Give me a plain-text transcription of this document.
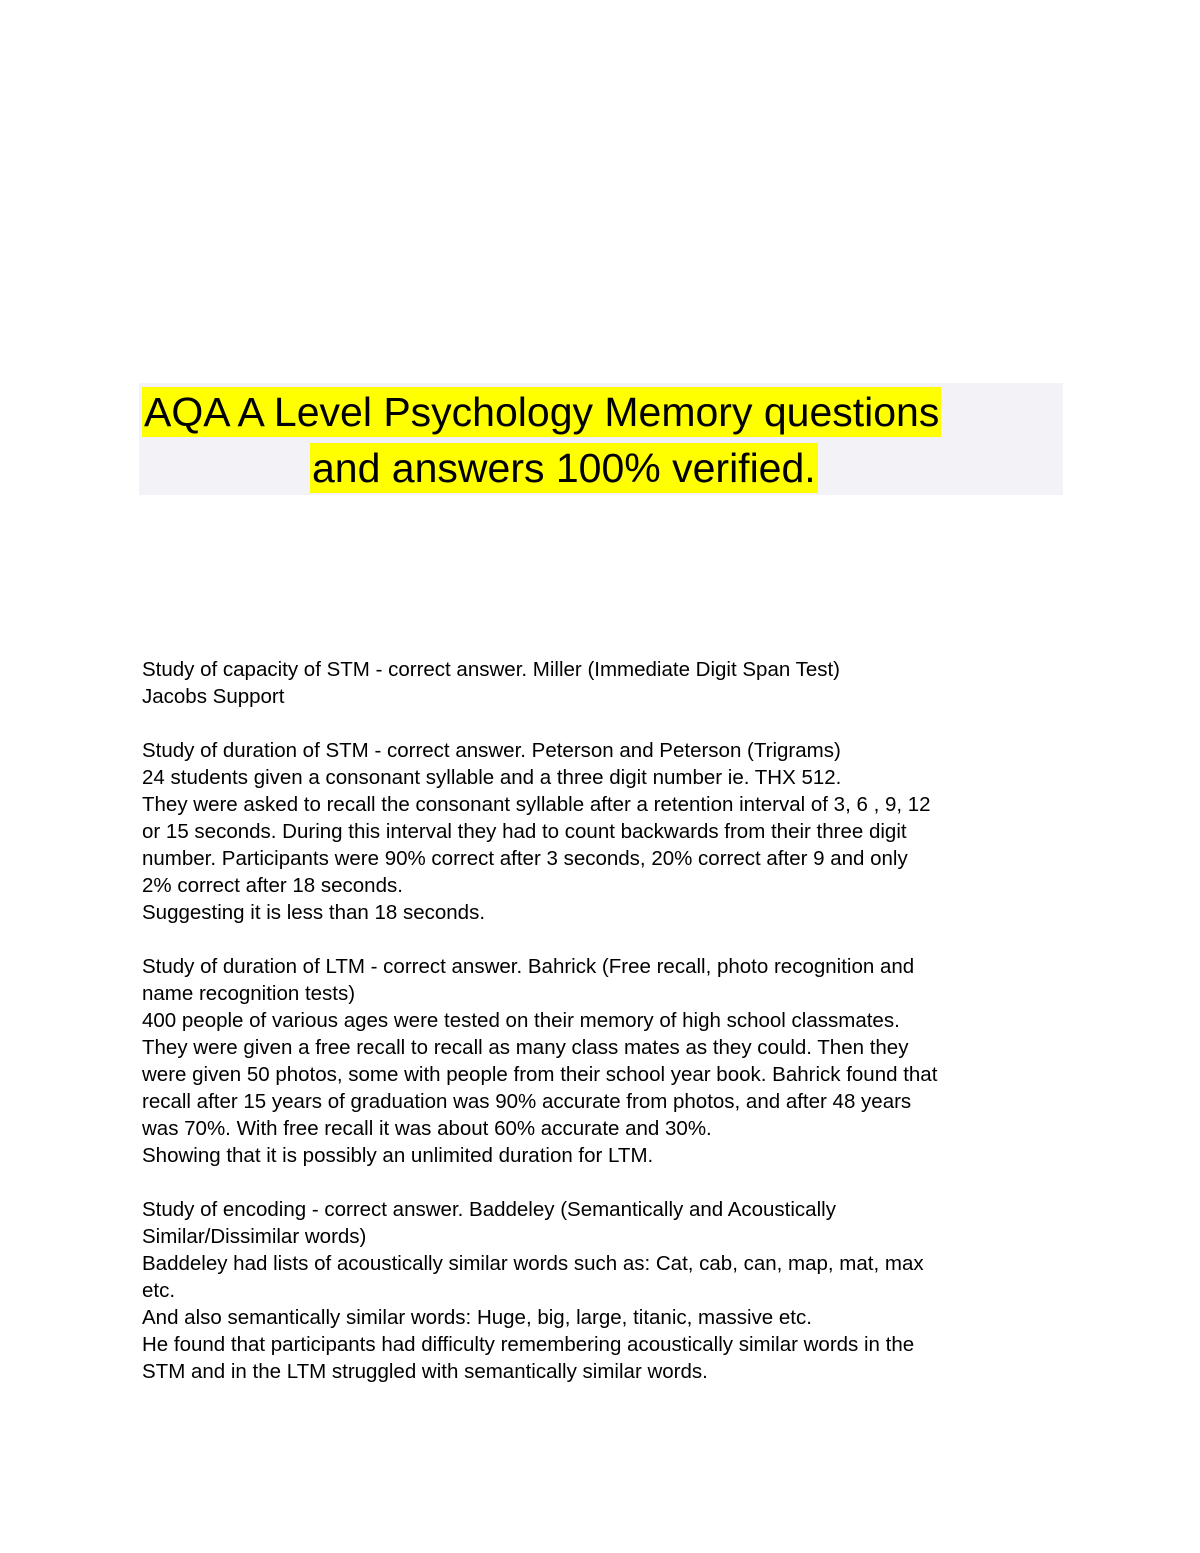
AQA A Level Psychology Memory questions
and answers 100% verified.
Study of capacity of STM - correct answer. Miller (Immediate Digit Span Test)
Jacobs Support
Study of duration of STM - correct answer. Peterson and Peterson (Trigrams)
24 students given a consonant syllable and a three digit number ie. THX 512.
They were asked to recall the consonant syllable after a retention interval of 3, 6 , 9, 12
or 15 seconds. During this interval they had to count backwards from their three digit
number. Participants were 90% correct after 3 seconds, 20% correct after 9 and only
2% correct after 18 seconds.
Suggesting it is less than 18 seconds.
Study of duration of LTM - correct answer. Bahrick (Free recall, photo recognition and
name recognition tests)
400 people of various ages were tested on their memory of high school classmates.
They were given a free recall to recall as many class mates as they could. Then they
were given 50 photos, some with people from their school year book. Bahrick found that
recall after 15 years of graduation was 90% accurate from photos, and after 48 years
was 70%. With free recall it was about 60% accurate and 30%.
Showing that it is possibly an unlimited duration for LTM.
Study of encoding - correct answer. Baddeley (Semantically and Acoustically
Similar/Dissimilar words)
Baddeley had lists of acoustically similar words such as: Cat, cab, can, map, mat, max
etc.
And also semantically similar words: Huge, big, large, titanic, massive etc.
He found that participants had difficulty remembering acoustically similar words in the
STM and in the LTM struggled with semantically similar words.
